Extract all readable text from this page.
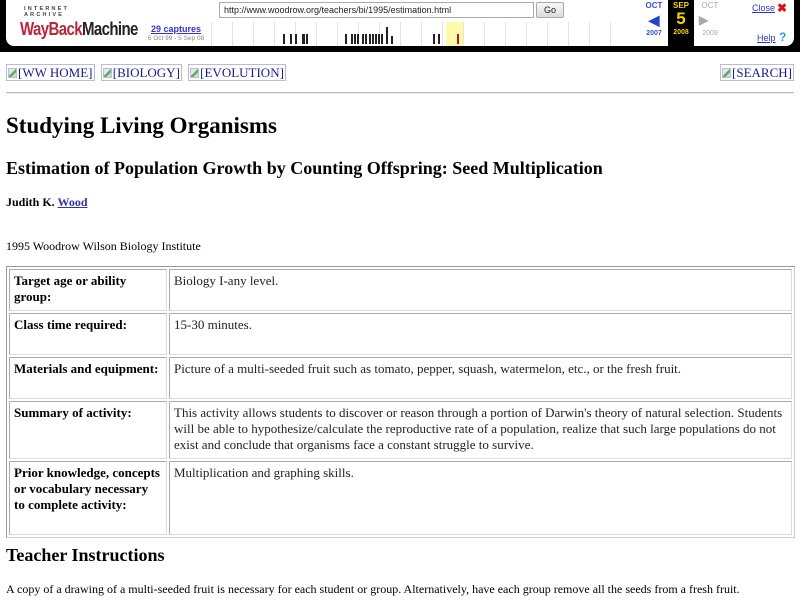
INTERNET ARCHIVE
WayBackMachine
http://www.woodrow.org/teachers/bi/1995/estimation.html	Go
29 captures
6 Oct 99 - 5 Sep 08
OCT
◀
2007
SEP
5
2008
OCT
▶
2009
Close ✖
Help ?
[WW HOME] [BIOLOGY] [EVOLUTION]	[SEARCH]
Studying Living Organisms
Estimation of Population Growth by Counting Offspring: Seed Multiplication
Judith K. Wood
1995 Woodrow Wilson Biology Institute
Target age or ability group:	Biology I-any level.
Class time required:	15-30 minutes.
Materials and equipment:	Picture of a multi-seeded fruit such as tomato, pepper, squash, watermelon, etc., or the fresh fruit.
Summary of activity:	This activity allows students to discover or reason through a portion of Darwin's theory of natural selection. Students will be able to hypothesize/calculate the reproductive rate of a population, realize that such large populations do not exist and conclude that organisms face a constant struggle to survive.
Prior knowledge, concepts or vocabulary necessary to complete activity:	Multiplication and graphing skills.
Teacher Instructions
A copy of a drawing of a multi-seeded fruit is necessary for each student or group. Alternatively, have each group remove all the seeds from a fresh fruit.
